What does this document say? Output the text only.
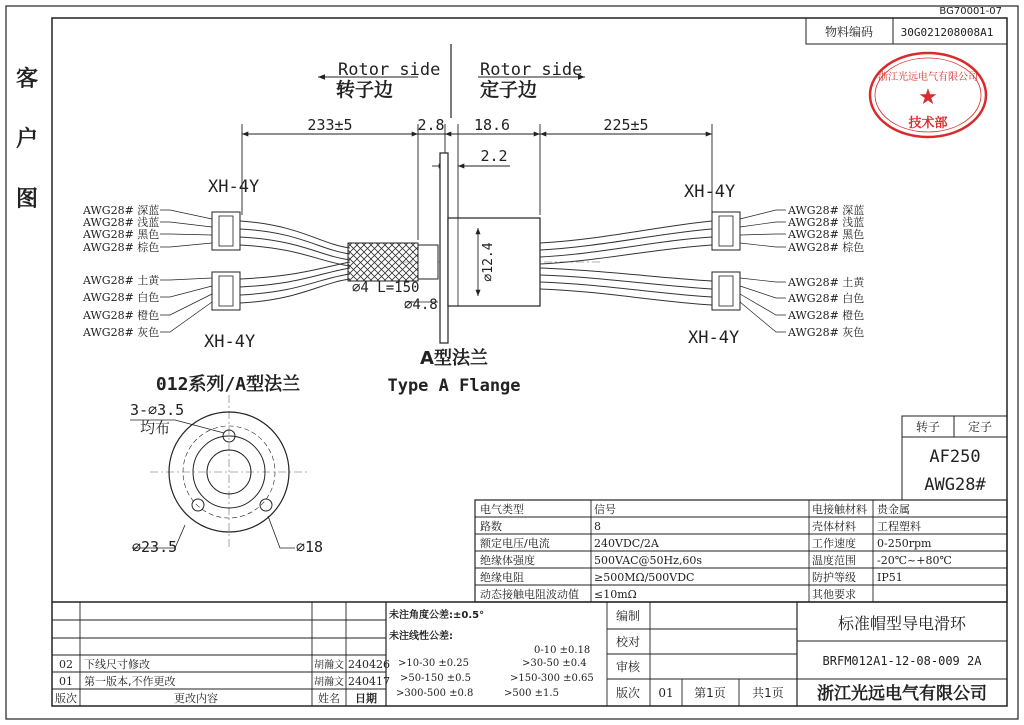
BG70001-07
客
户
图
物料编码	30G021208008A1
浙江光远电气有限公司
★
技术部
Rotor side
转子边
Rotor side
定子边
233±5	2.8 18.6	225±5
2.2
⌀12.4
⌀4 L=150
⌀4.8
XH-4Y
XH-4Y
XH-4Y
XH-4Y
AWG28# 深蓝
AWG28# 浅蓝
AWG28# 黑色
AWG28# 棕色
AWG28# 土黄
AWG28# 白色
AWG28# 橙色
AWG28# 灰色
AWG28# 深蓝
AWG28# 浅蓝
AWG28# 黑色
AWG28# 棕色
AWG28# 土黄
AWG28# 白色
AWG28# 橙色
AWG28# 灰色
A型法兰
Type A Flange
012系列/A型法兰
3-⌀3.5
均布
⌀23.5	⌀18
转子 定子
AF250
AWG28#
电气类型	信号	电接触材料 贵金属
路数	8	壳体材料 工程塑料
额定电压/电流	240VDC/2A	工作速度 0-250rpm
绝缘体强度	500VAC@50Hz,60s	温度范围 -20℃~+80℃
绝缘电阻	≥500MΩ/500VDC	防护等级 IP51
动态接触电阻波动值 ≤10mΩ	其他要求
02 下线尺寸修改	胡瀚文 240426
01 第一版本,不作更改	胡瀚文 240417
版次	更改内容	姓名 日期
未注角度公差:±0.5°
未注线性公差:
0-10 ±0.18
>10-30 ±0.25	>30-50 ±0.4
>50-150 ±0.5	>150-300 ±0.65
>300-500 ±0.8	>500 ±1.5
编制
校对
审核
标准帽型导电滑环
BRFM012A1-12-08-009 2A
浙江光远电气有限公司
版次 01 第1页 共1页
